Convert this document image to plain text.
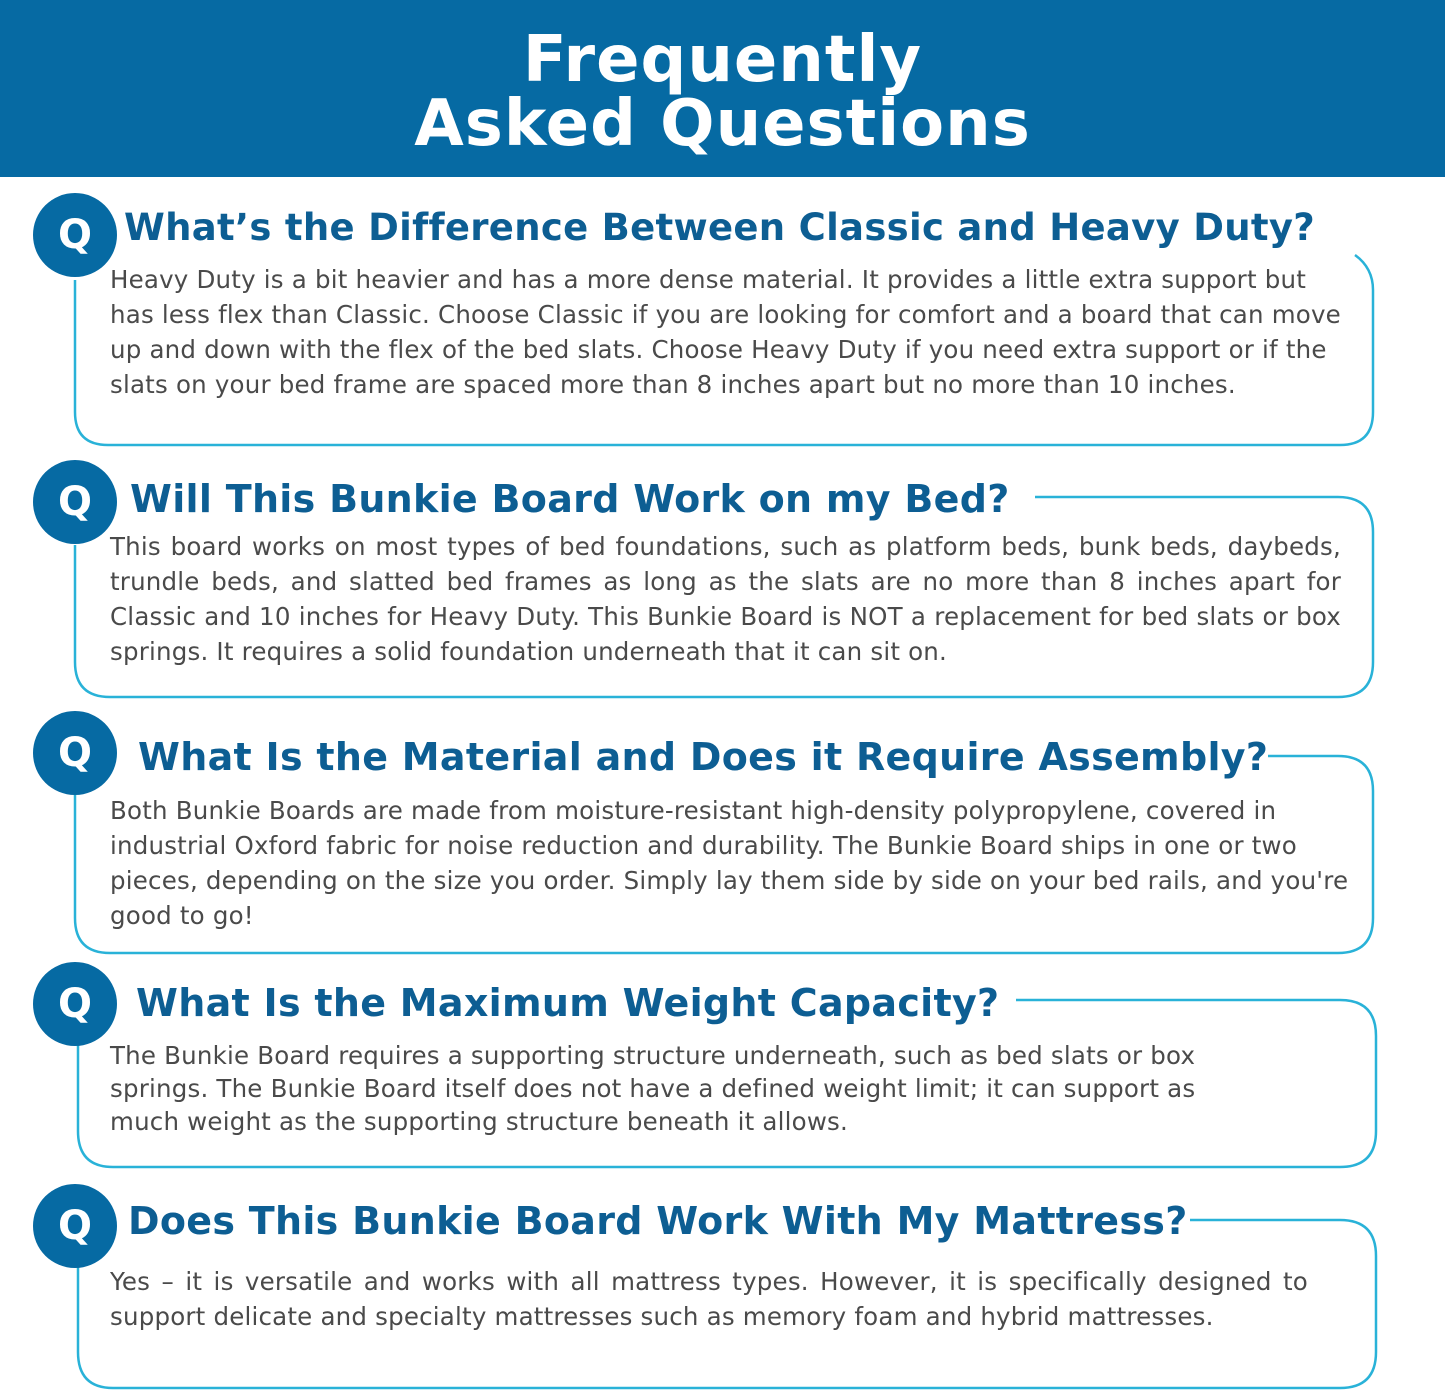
Frequently
Asked Questions
Q What’s the Difference Between Classic and Heavy Duty?
Heavy Duty is a bit heavier and has a more dense material. It provides a little extra support but has less flex than Classic. Choose Classic if you are looking for comfort and a board that can move up and down with the flex of the bed slats. Choose Heavy Duty if you need extra support or if the slats on your bed frame are spaced more than 8 inches apart but no more than 10 inches.
Q	Will This Bunkie Board Work on my Bed?
This board works on most types of bed foundations, such as platform beds, bunk beds, daybeds, trundle beds, and slatted bed frames as long as the slats are no more than 8 inches apart for Classic and 10 inches for Heavy Duty. This Bunkie Board is NOT a replacement for bed slats or box springs. It requires a solid foundation underneath that it can sit on.
Q	What Is the Material and Does it Require Assembly?
Both Bunkie Boards are made from moisture-resistant high-density polypropylene, covered in industrial Oxford fabric for noise reduction and durability. The Bunkie Board ships in one or two pieces, depending on the size you order. Simply lay them side by side on your bed rails, and you're good to go!
Q	What Is the Maximum Weight Capacity?
The Bunkie Board requires a supporting structure underneath, such as bed slats or box springs. The Bunkie Board itself does not have a defined weight limit; it can support as much weight as the supporting structure beneath it allows.
Q Does This Bunkie Board Work With My Mattress?
Yes – it is versatile and works with all mattress types. However, it is specifically designed to support delicate and specialty mattresses such as memory foam and hybrid mattresses.
